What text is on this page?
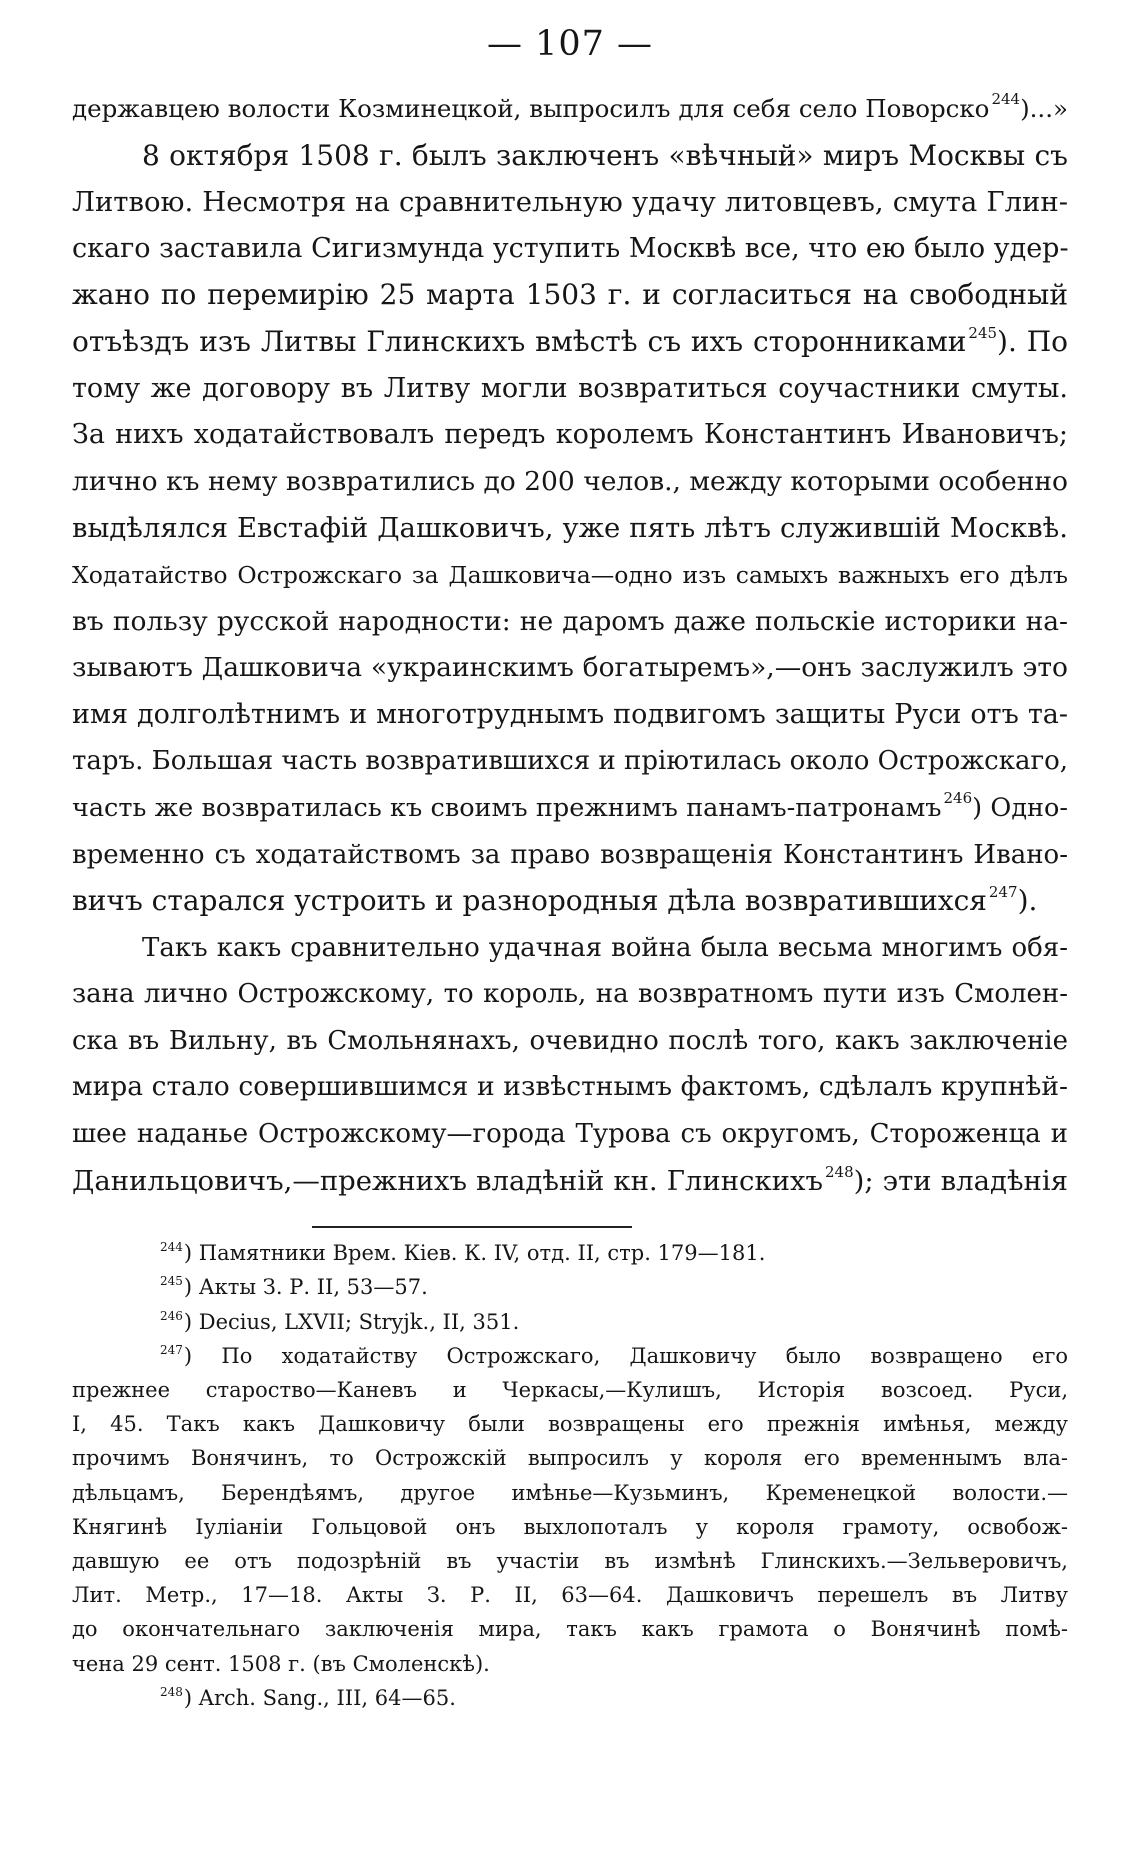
— 107 —
державцею волости Козминецкой, выпросилъ для себя село Поворско $^{244}$)...»
8 октября 1508 г. былъ заключенъ «вѣчный» миръ Москвы съ
Литвою. Несмотря на сравнительную удачу литовцевъ, смута Глин-
скаго заставила Сигизмунда уступить Москвѣ все, что ею было удер-
жано по перемирію 25 марта 1503 г. и согласиться на свободный
отъѣздъ изъ Литвы Глинскихъ вмѣстѣ съ ихъ сторонниками $^{245}$). По
тому же договору въ Литву могли возвратиться соучастники смуты.
За нихъ ходатайствовалъ передъ королемъ Константинъ Ивановичъ;
лично къ нему возвратились до 200 челов., между которыми особенно
выдѣлялся Евстафій Дашковичъ, уже пять лѣтъ служившій Москвѣ.
Ходатайство Острожскаго за Дашковича—одно изъ самыхъ важныхъ его дѣлъ
въ пользу русской народности: не даромъ даже польскіе историки на-
зываютъ Дашковича «украинскимъ богатыремъ»,—онъ заслужилъ это
имя долголѣтнимъ и многотруднымъ подвигомъ защиты Руси отъ та-
таръ. Большая часть возвратившихся и пріютилась около Острожскаго,
часть же возвратилась къ своимъ прежнимъ панамъ-патронамъ $^{246}$) Одно-
временно съ ходатайствомъ за право возвращенія Константинъ Ивано-
вичъ старался устроить и разнородныя дѣла возвратившихся $^{247}$).
Такъ какъ сравнительно удачная война была весьма многимъ обя-
зана лично Острожскому, то король, на возвратномъ пути изъ Смолен-
ска въ Вильну, въ Смольнянахъ, очевидно послѣ того, какъ заключеніе
мира стало совершившимся и извѣстнымъ фактомъ, сдѣлалъ крупнѣй-
шее наданье Острожскому—города Турова съ округомъ, Стороженца и
Данильцовичъ,—прежнихъ владѣній кн. Глинскихъ $^{248}$); эти владѣнія
$^{244}$) Памятники Врем. Кіев. К. IV, отд. II, стр. 179—181.
$^{245}$) Акты З. Р. II, 53—57.
$^{246}$) Decius, LXVII; Stryjk., II, 351.
$^{247}$) По ходатайству Острожскаго, Дашковичу было возвращено его
прежнее староство—Каневъ и Черкасы,—Кулишъ, Исторія возсоед. Руси,
I, 45. Такъ какъ Дашковичу были возвращены его прежнія имѣнья, между
прочимъ Вонячинъ, то Острожскій выпросилъ у короля его временнымъ вла-
дѣльцамъ, Берендѣямъ, другое имѣнье—Кузьминъ, Кременецкой волости.—
Княгинѣ Іуліаніи Гольцовой онъ выхлопоталъ у короля грамоту, освобож-
давшую ее отъ подозрѣній въ участіи въ измѣнѣ Глинскихъ.—Зельверовичъ,
Лит. Метр., 17—18. Акты З. Р. II, 63—64. Дашковичъ перешелъ въ Литву
до окончательнаго заключенія мира, такъ какъ грамота о Вонячинѣ помѣ-
чена 29 сент. 1508 г. (въ Смоленскѣ).
$^{248}$) Arch. Sang., III, 64—65.
